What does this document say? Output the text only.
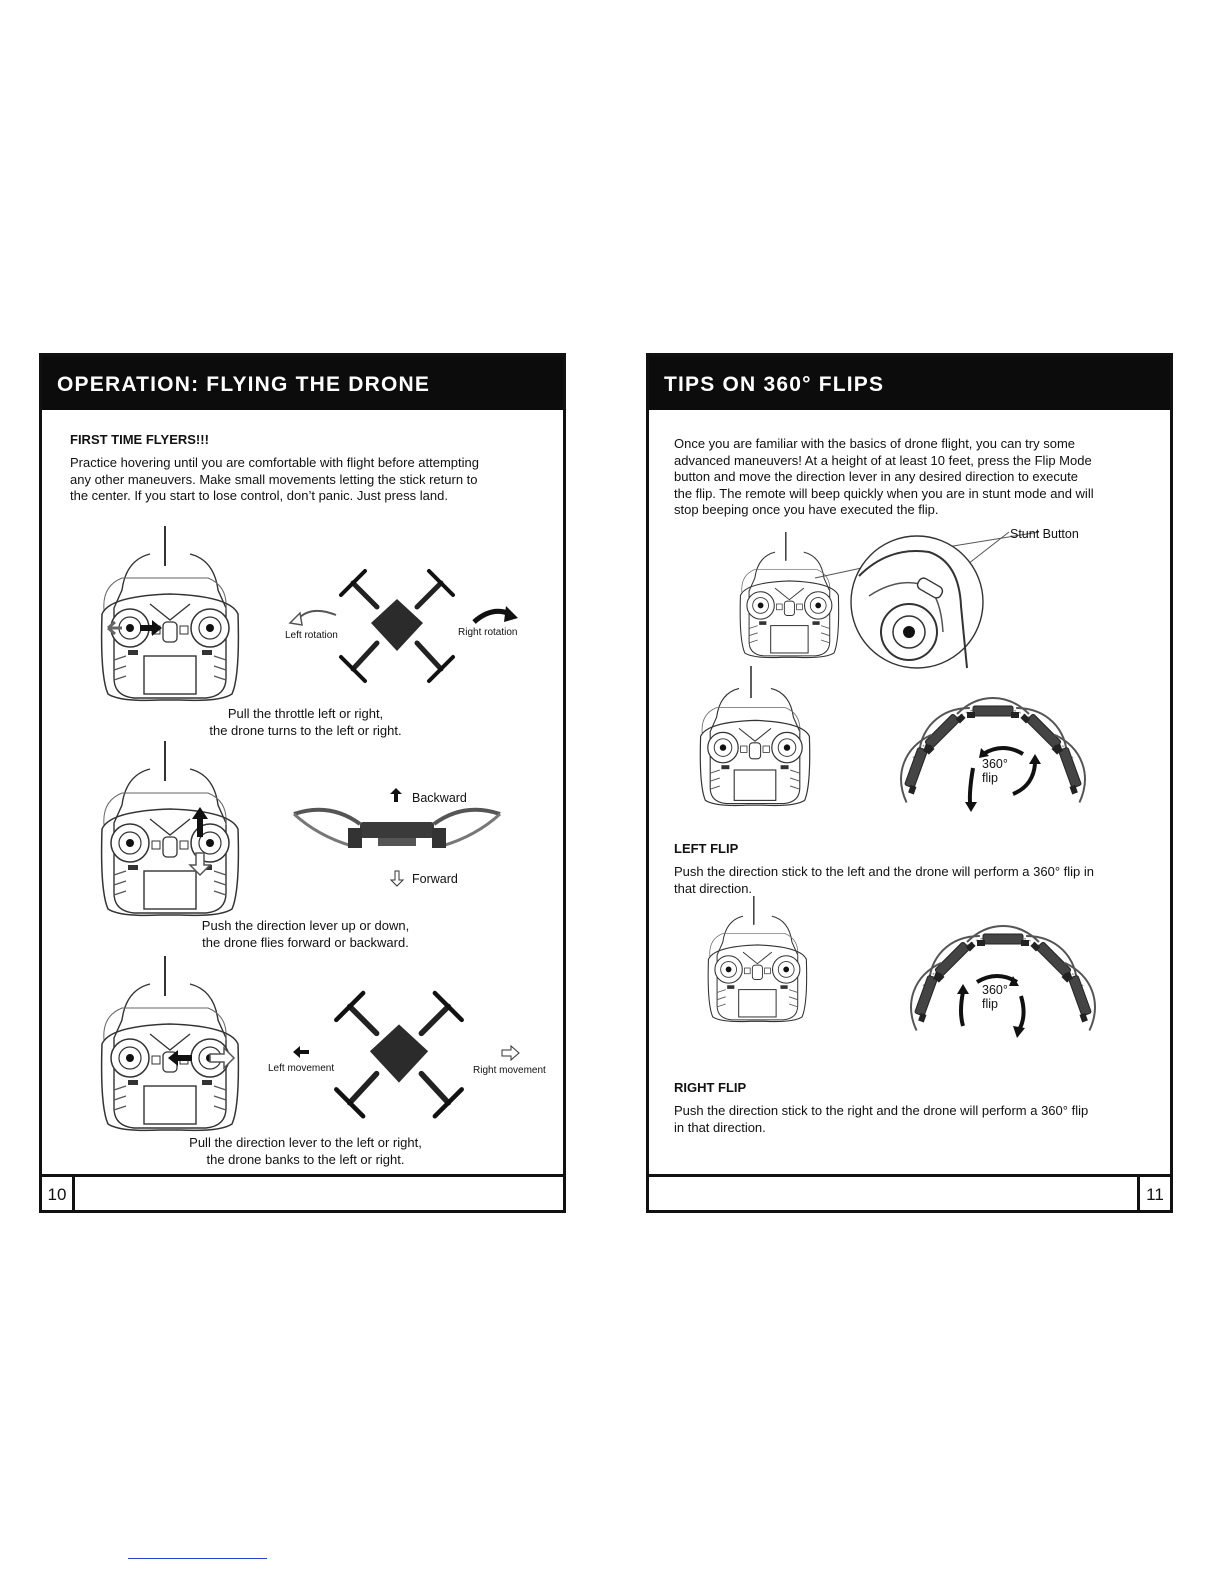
OPERATION: FLYING THE DRONE
FIRST TIME FLYERS!!!
Practice hovering until you are comfortable with flight before attempting
any other maneuvers. Make small movements letting the stick return to
the center. If you start to lose control, don’t panic. Just press land.
Left rotation	Right rotation
Pull the throttle left or right,
the drone turns to the left or right.
Backward
Forward
Push the direction lever up or down,
the drone flies forward or backward.
Left movement	Right movement
Pull the direction lever to the left or right,
the drone banks to the left or right.
10
TIPS ON 360° FLIPS
Once you are familiar with the basics of drone flight, you can try some
advanced maneuvers! At a height of at least 10 feet, press the Flip Mode
button and move the direction lever in any desired direction to execute
the flip. The remote will beep quickly when you are in stunt mode and will
stop beeping once you have executed the flip.
Stunt Button
360°
flip
LEFT FLIP
Push the direction stick to the left and the drone will perform a 360° flip in
that direction.
360°
flip
RIGHT FLIP
Push the direction stick to the right and the drone will perform a 360° flip
in that direction.
11
